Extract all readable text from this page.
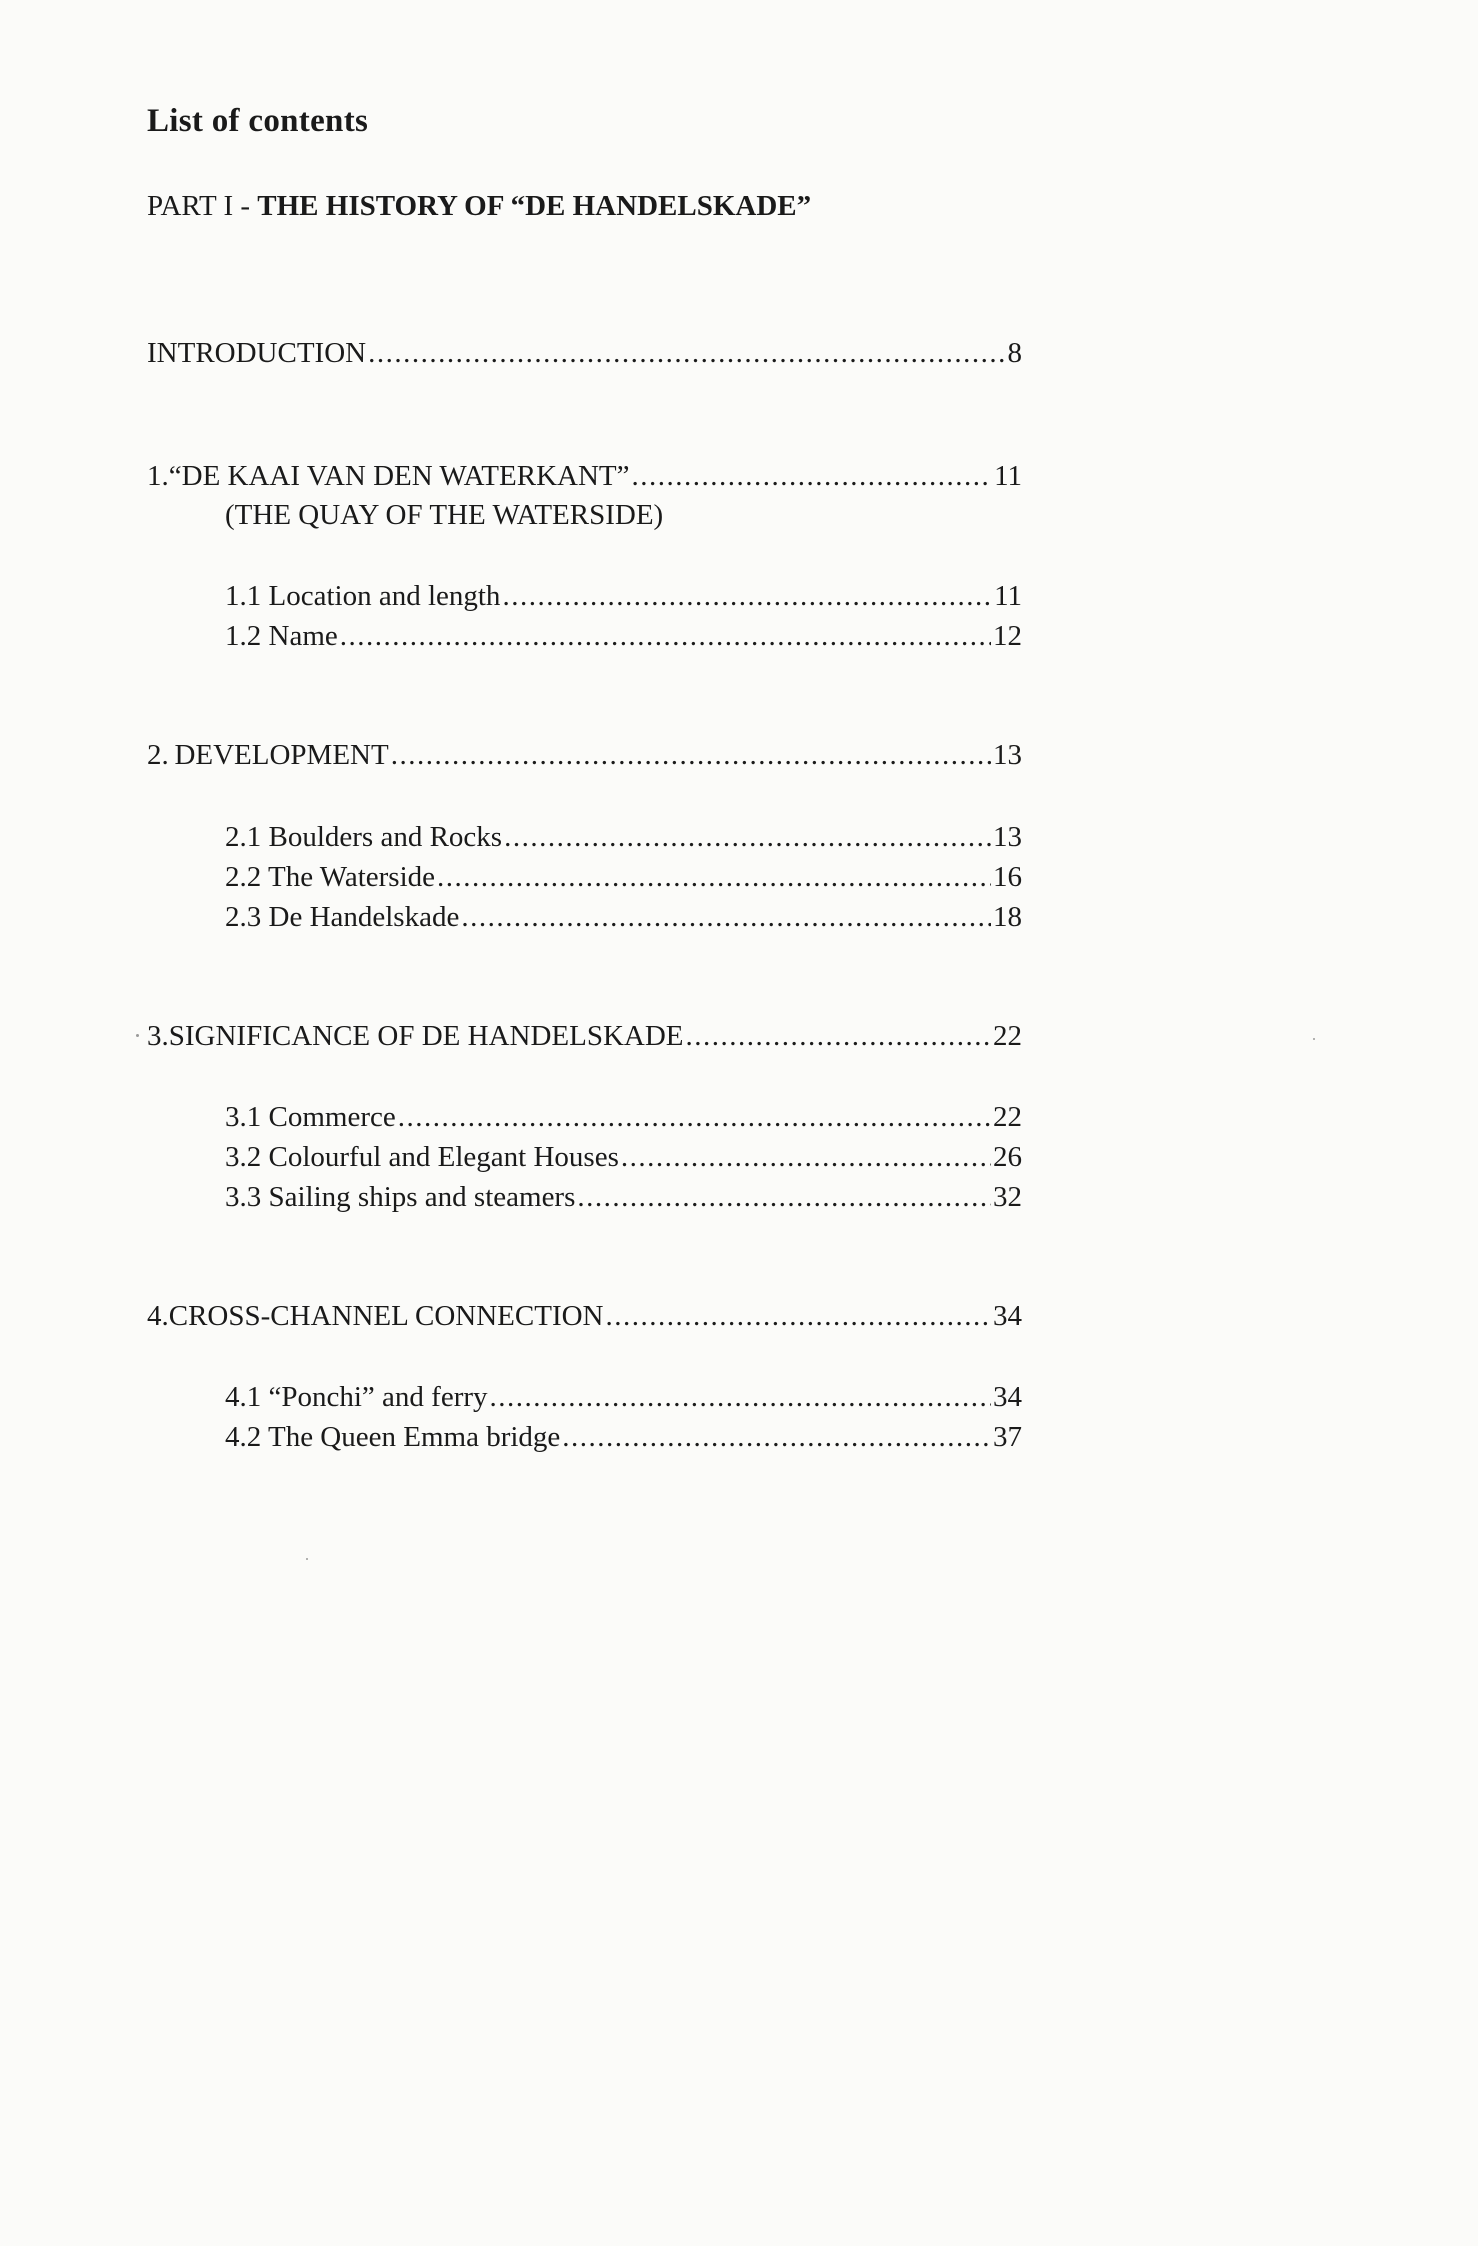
List of contents
PART I - THE HISTORY OF “DE HANDELSKADE”
INTRODUCTION .....	8
1. “DE KAAI VAN DEN WATERKANT” .....	11
(THE QUAY OF THE WATERSIDE)
1.1 Location and length .....	11
1.2 Name .....	12
2. DEVELOPMENT .....	13
2.1 Boulders and Rocks .....	13
2.2 The Waterside .....	16
2.3 De Handelskade .....	18
3. SIGNIFICANCE OF DE HANDELSKADE .....	22
3.1 Commerce .....	22
3.2 Colourful and Elegant Houses .....	26
3.3 Sailing ships and steamers .....	32
4. CROSS-CHANNEL CONNECTION .....	34
4.1 “Ponchi” and ferry .....	34
4.2 The Queen Emma bridge .....	37
